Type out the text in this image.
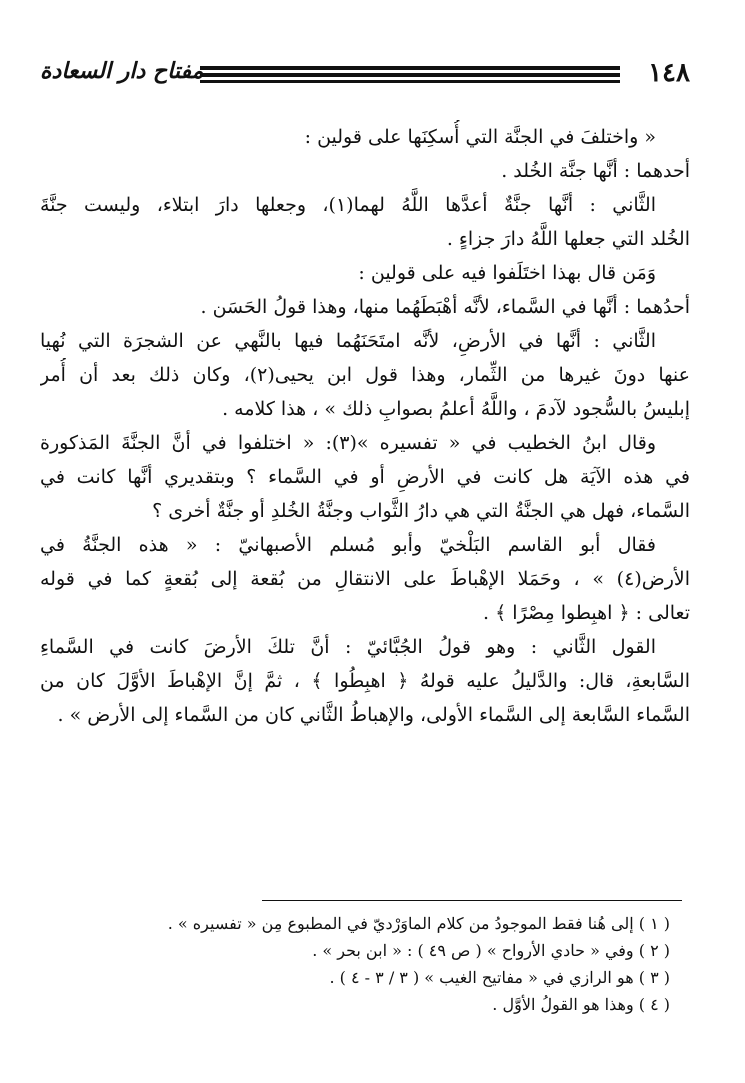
١٤٨
مفتاح دار السعادة
« واختلفَ في الجنَّة التي أُسكِنَها على قولين :
أحدهما : أنَّها جنَّة الخُلد .
الثَّاني : أنَّها جنَّةٌ أعدَّها اللَّهُ لهما(١)، وجعلها دارَ ابتلاء، وليست جنَّةَ
الخُلد التي جعلها اللَّهُ دارَ جزاءٍ .
وَمَن قال بهذا اختَلَفوا فيه على قولين :
أحدُهما : أنَّها في السَّماء، لأنَّه أهْبَطَهُما منها، وهذا قولُ الحَسَن .
الثَّاني : أنَّها في الأرضِ، لأنَّه امتَحَنَهُما فيها بالنَّهي عن الشجرَة التي نُهيا
عنها دونَ غيرها من الثِّمار، وهذا قول ابن يحيى(٢)، وكان ذلك بعد أن أُمر
إبليسُ بالسُّجود لآدمَ ، واللَّهُ أعلمُ بصوابِ ذلك » ، هذا كلامه .
وقال ابنُ الخطيب في « تفسيره »(٣): « اختلفوا في أنَّ الجنَّةَ المَذكورة
في هذه الآيَة هل كانت في الأرضِ أو في السَّماء ؟ وبتقديري أنَّها كانت في
السَّماء، فهل هي الجنَّةُ التي هي دارُ الثَّواب وجنَّةُ الخُلدِ أو جنَّةٌ أخرى ؟
فقال أبو القاسم البَلْخيّ وأبو مُسلم الأصبهانيّ : « هذه الجنَّةُ في
الأرض(٤) » ، وحَمَلا الإهْباطَ على الانتقالِ من بُقعة إلى بُقعةٍ كما في قوله
تعالى : ﴿ اهبِطوا مِصْرًا ﴾ .
القول الثَّاني : وهو قولُ الجُبَّائيّ : أنَّ تلكَ الأرضَ كانت في السَّماءِ
السَّابعةِ، قال: والدَّليلُ عليه قولهُ ﴿ اهبِطُوا ﴾ ، ثمَّ إنَّ الإهْباطَ الأوَّلَ كان من
السَّماء السَّابعة إلى السَّماء الأولى، والإهباطُ الثَّاني كان من السَّماء إلى الأرض » .
( ١ ) إلى هُنا فقط الموجودُ من كلام الماوَرْديّ في المطبوع مِن « تفسيره » .
( ٢ ) وفي « حادي الأرواح » ( ص ٤٩ ) : « ابن بحر » .
( ٣ ) هو الرازي في « مفاتيح الغيب » ( ٣ / ٣ - ٤ ) .
( ٤ ) وهذا هو القولُ الأوَّل .
